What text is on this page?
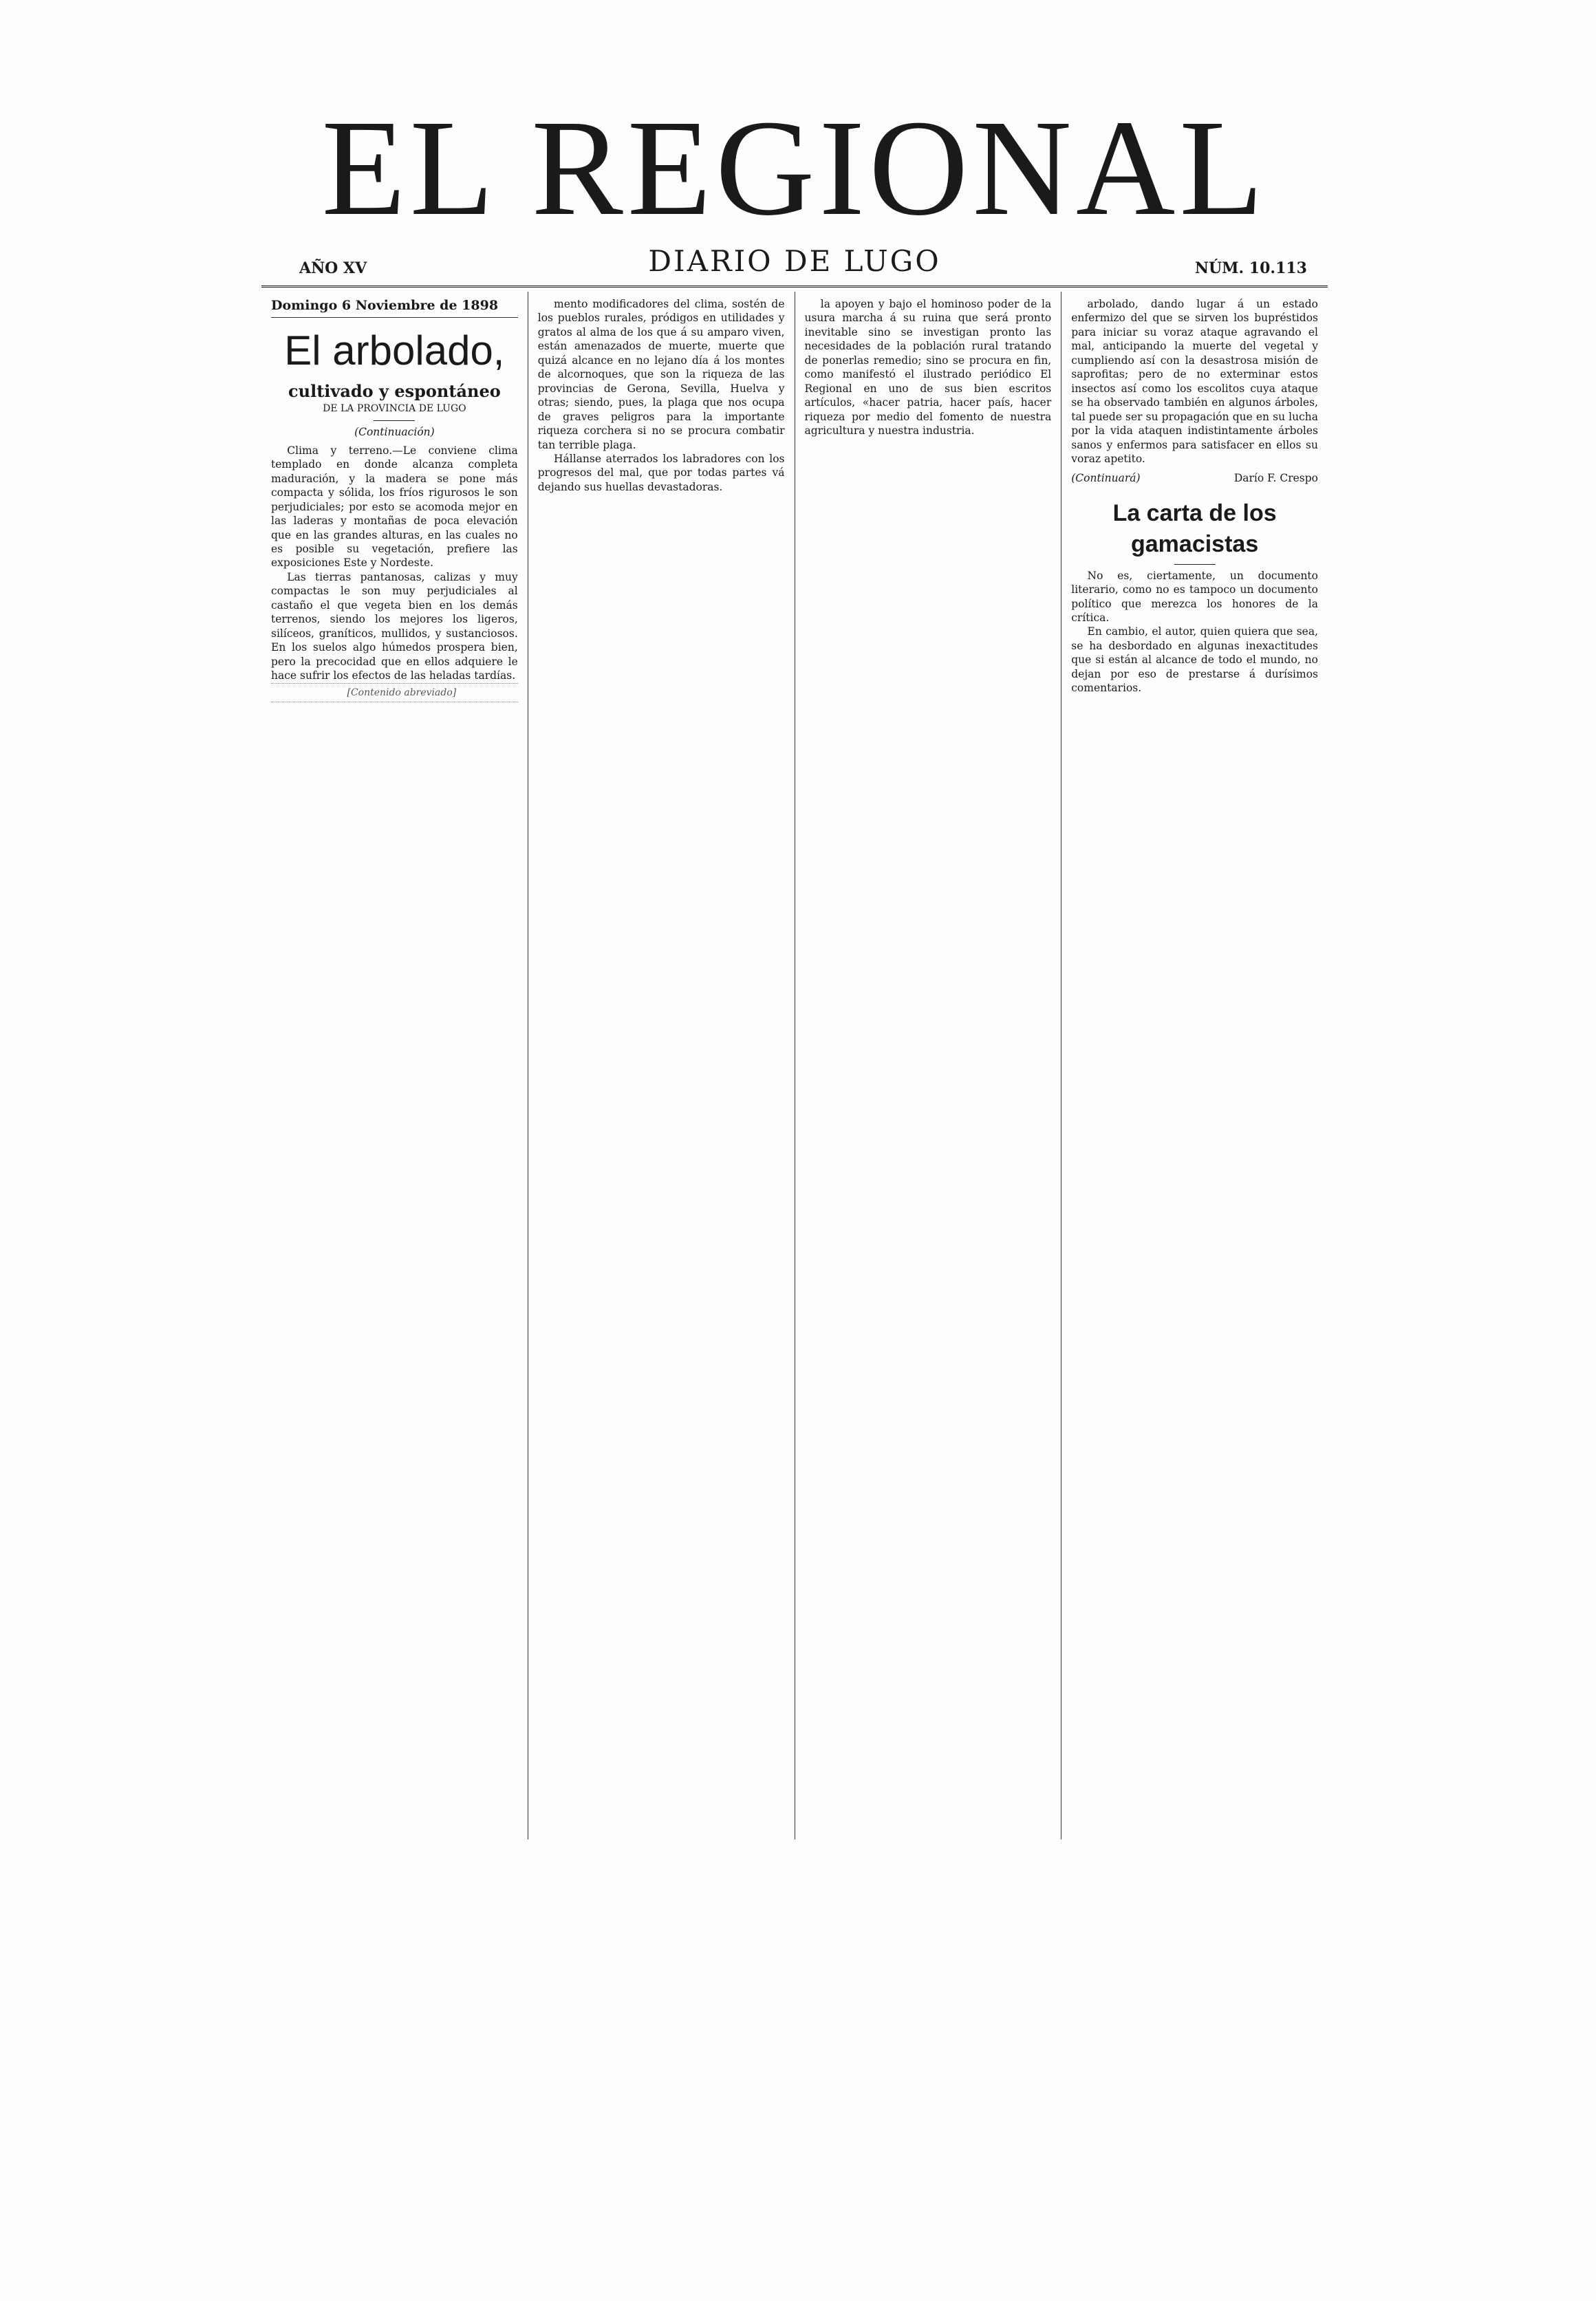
EL REGIONAL
AÑO XV	DIARIO DE LUGO	NÚM. 10.113
Domingo 6 Noviembre de 1898
El arbolado,
cultivado y espontáneo
DE LA PROVINCIA DE LUGO
(Continuación)

Clima y terreno.—Le conviene clima templado en donde alcanza completa maduración, y la madera se pone más compacta y sólida, los fríos rigurosos le son perjudiciales; por esto se acomoda mejor en las laderas y montañas de poca elevación que en las grandes alturas, en las cuales no es posible su vegetación, prefiere las exposiciones Este y Nordeste.

Las tierras pantanosas, calizas y muy compactas le son muy perjudiciales al castaño el que vegeta bien en los demás terrenos, siendo los mejores los ligeros, silíceos, graníticos, mullidos, y sustanciosos. En los suelos algo húmedos prospera bien, pero la precocidad que en ellos adquiere le hace sufrir los efectos de las heladas tardías.

[Contenido abreviado]

mento modificadores del clima, sostén de los pueblos rurales, pródigos en utilidades y gratos al alma de los que á su amparo viven, están amenazados de muerte, muerte que quizá alcance en no lejano día á los montes de alcornoques, que son la riqueza de las provincias de Gerona, Sevilla, Huelva y otras; siendo, pues, la plaga que nos ocupa de graves peligros para la importante riqueza corchera si no se procura combatir tan terrible plaga.

Hállanse aterrados los labradores con los progresos del mal, que por todas partes vá dejando sus huellas devastadoras.

la apoyen y bajo el hominoso poder de la usura marcha á su ruina que será pronto inevitable sino se investigan pronto las necesidades de la población rural tratando de ponerlas remedio; sino se procura en fin, como manifestó el ilustrado periódico El Regional en uno de sus bien escritos artículos, «hacer patria, hacer país, hacer riqueza por medio del fomento de nuestra agricultura y nuestra industria.

arbolado, dando lugar á un estado enfermizo del que se sirven los bupréstidos para iniciar su voraz ataque agravando el mal, anticipando la muerte del vegetal y cumpliendo así con la desastrosa misión de saprofitas; pero de no exterminar estos insectos así como los escolitos cuya ataque se ha observado también en algunos árboles, tal puede ser su propagación que en su lucha por la vida ataquen indistintamente árboles sanos y enfermos para satisfacer en ellos su voraz apetito.

(Continuará)	Darío F. Crespo
La carta de los gamacistas

No es, ciertamente, un documento literario, como no es tampoco un documento político que merezca los honores de la crítica.

En cambio, el autor, quien quiera que sea, se ha desbordado en algunas inexactitudes que si están al alcance de todo el mundo, no dejan por eso de prestarse á durísimos comentarios.
